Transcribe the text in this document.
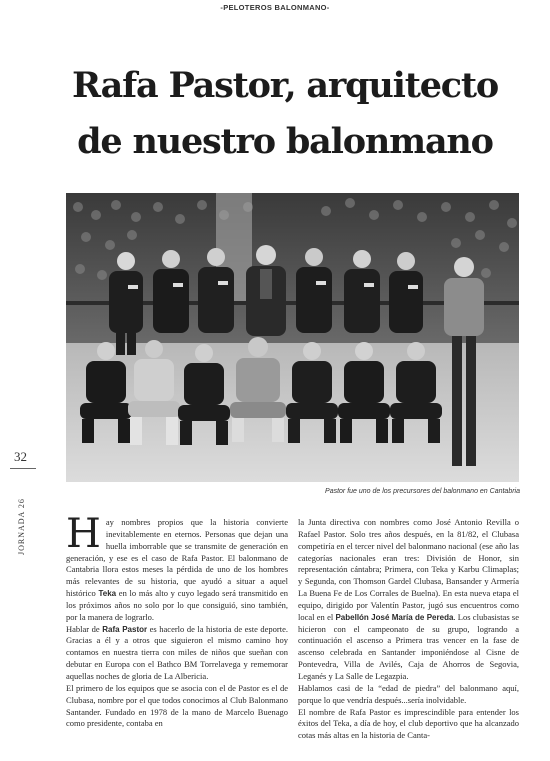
-PELOTEROS BALONMANO-
Rafa Pastor, arquitecto
de nuestro balonmano
Pastor fue uno de los precursores del balonmano en Cantabria
32
JORNADA 26 Hay nombres propios que la historia convierte inevitablemente en eternos. Personas que dejan una huella imborrable que se transmite de generación en generación, y ese es el caso de Rafa Pastor. El balonmano de Cantabria llora estos meses la pérdida de uno de los hombres más relevantes de su historia, que ayudó a situar a aquel histórico Teka en lo más alto y cuyo legado será transmitido en los próximos años no solo por lo que consiguió, sino también, por la manera de lograrlo.

Hablar de Rafa Pastor es hacerlo de la historia de este deporte. Gracias a él y a otros que siguieron el mismo camino hoy contamos en nuestra tierra con miles de niños que sueñan con debutar en Europa con el Bathco BM Torrelavega y rememorar aquellas noches de gloria de La Albericia.

El primero de los equipos que se asocia con el de Pastor es el de Clubasa, nombre por el que todos conocimos al Club Balonmano Santander. Fundado en 1978 de la mano de Marcelo Buenago como presidente, contaba en

la Junta directiva con nombres como José Antonio Revilla o Rafael Pastor. Solo tres años después, en la 81/82, el Clubasa competiría en el tercer nivel del balonmano nacional (ese año las categorías nacionales eran tres: División de Honor, sin representación cántabra; Primera, con Teka y Karbu Climaplas; y Segunda, con Thomson Gardel Clubasa, Bansander y Armería La Buena Fe de Los Corrales de Buelna). En esta nueva etapa el equipo, dirigido por Valentín Pastor, jugó sus encuentros como local en el Pabellón José María de Pereda. Los clubasistas se hicieron con el campeonato de su grupo, logrando a continuación el ascenso a Primera tras vencer en la fase de ascenso celebrada en Santander imponiéndose al Cisne de Pontevedra, Villa de Avilés, Caja de Ahorros de Segovia, Leganés y La Salle de Legazpia.

Hablamos casi de la “edad de piedra” del balonmano aquí, porque lo que vendría después...sería inolvidable.

El nombre de Rafa Pastor es imprescindible para entender los éxitos del Teka, a día de hoy, el club deportivo que ha alcanzado cotas más altas en la historia de Canta-
